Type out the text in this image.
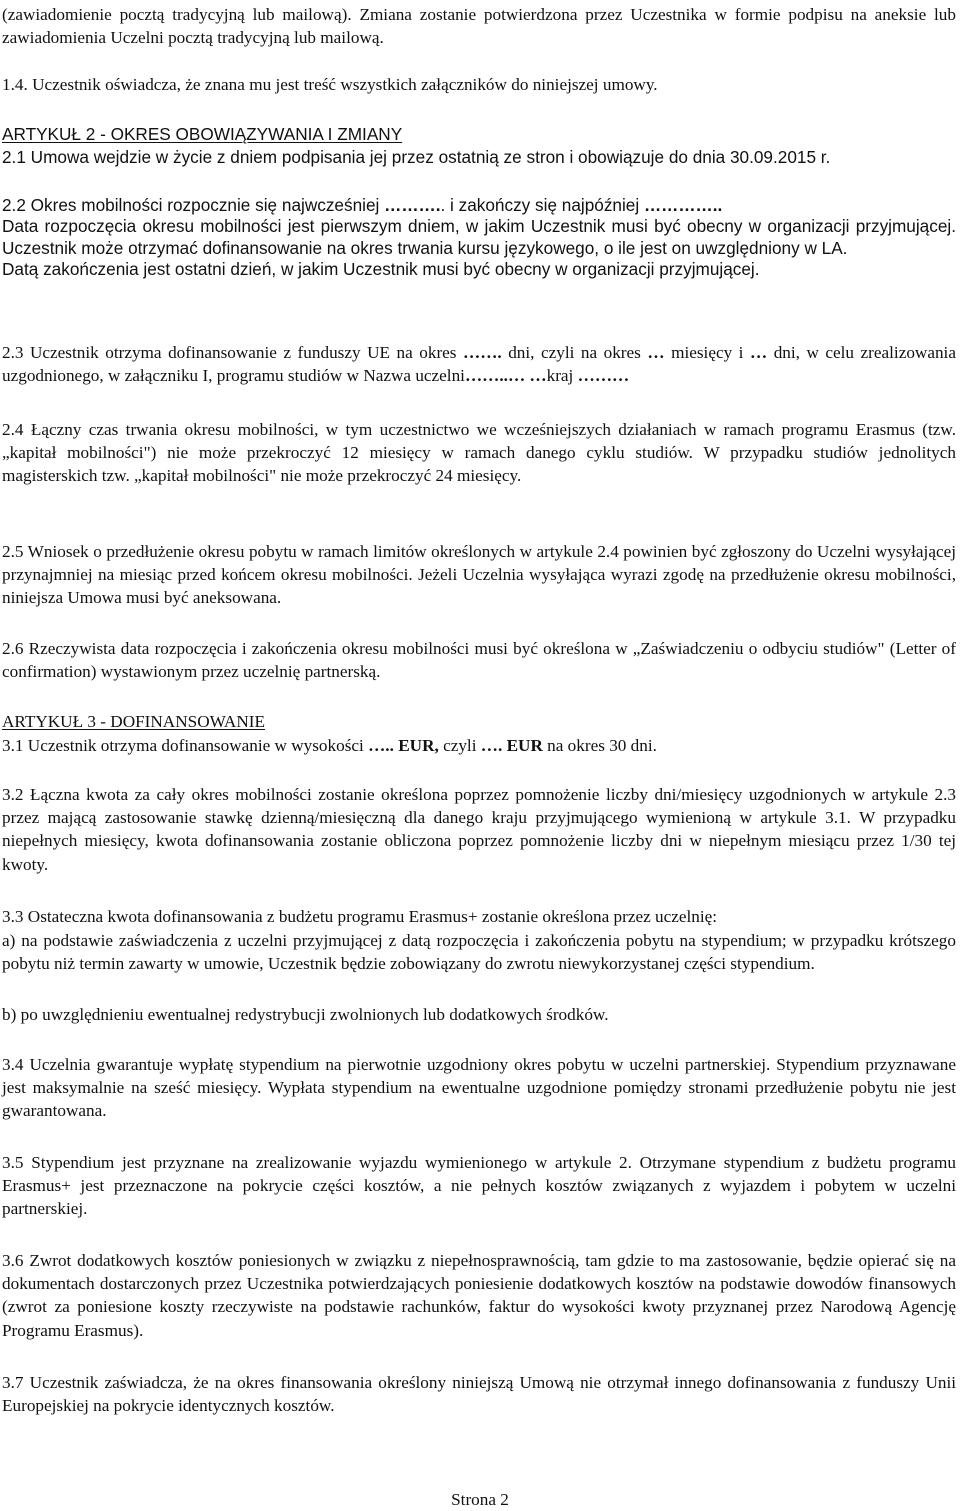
(zawiadomienie pocztą tradycyjną lub mailową). Zmiana zostanie potwierdzona przez Uczestnika w formie podpisu na aneksie lub zawiadomienia Uczelni pocztą tradycyjną lub mailową.

1.4. Uczestnik oświadcza, że znana mu jest treść wszystkich załączników do niniejszej umowy.

ARTYKUŁ 2 - OKRES OBOWIĄZYWANIA I ZMIANY

2.1 Umowa wejdzie w życie z dniem podpisania jej przez ostatnią ze stron i obowiązuje do dnia 30.09.2015 r.

2.2 Okres mobilności rozpocznie się najwcześniej ……….. i zakończy się najpóźniej …………..
Data rozpoczęcia okresu mobilności jest pierwszym dniem, w jakim Uczestnik musi być obecny w organizacji przyjmującej. Uczestnik może otrzymać dofinansowanie na okres trwania kursu językowego, o ile jest on uwzględniony w LA.
Datą zakończenia jest ostatni dzień, w jakim Uczestnik musi być obecny w organizacji przyjmującej.
2.3 Uczestnik otrzyma dofinansowanie z funduszy UE na okres ……. dni, czyli na okres … miesięcy i … dni, w celu zrealizowania uzgodnionego, w załączniku I, programu studiów w Nazwa uczelni……..… …kraj ………

2.4 Łączny czas trwania okresu mobilności, w tym uczestnictwo we wcześniejszych działaniach w ramach programu Erasmus (tzw. „kapitał mobilności") nie może przekroczyć 12 miesięcy w ramach danego cyklu studiów. W przypadku studiów jednolitych magisterskich tzw. „kapitał mobilności" nie może przekroczyć 24 miesięcy.

2.5 Wniosek o przedłużenie okresu pobytu w ramach limitów określonych w artykule 2.4 powinien być zgłoszony do Uczelni wysyłającej przynajmniej na miesiąc przed końcem okresu mobilności. Jeżeli Uczelnia wysyłająca wyrazi zgodę na przedłużenie okresu mobilności, niniejsza Umowa musi być aneksowana.

2.6 Rzeczywista data rozpoczęcia i zakończenia okresu mobilności musi być określona w „Zaświadczeniu o odbyciu studiów" (Letter of confirmation) wystawionym przez uczelnię partnerską.

ARTYKUŁ 3 - DOFINANSOWANIE

3.1 Uczestnik otrzyma dofinansowanie w wysokości ….. EUR, czyli …. EUR na okres 30 dni.

3.2 Łączna kwota za cały okres mobilności zostanie określona poprzez pomnożenie liczby dni/miesięcy uzgodnionych w artykule 2.3 przez mającą zastosowanie stawkę dzienną/miesięczną dla danego kraju przyjmującego wymienioną w artykule 3.1. W przypadku niepełnych miesięcy, kwota dofinansowania zostanie obliczona poprzez pomnożenie liczby dni w niepełnym miesiącu przez 1/30 tej kwoty.

3.3 Ostateczna kwota dofinansowania z budżetu programu Erasmus+ zostanie określona przez uczelnię:

a) na podstawie zaświadczenia z uczelni przyjmującej z datą rozpoczęcia i zakończenia pobytu na stypendium; w przypadku krótszego pobytu niż termin zawarty w umowie, Uczestnik będzie zobowiązany do zwrotu niewykorzystanej części stypendium.

b) po uwzględnieniu ewentualnej redystrybucji zwolnionych lub dodatkowych środków.

3.4 Uczelnia gwarantuje wypłatę stypendium na pierwotnie uzgodniony okres pobytu w uczelni partnerskiej. Stypendium przyznawane jest maksymalnie na sześć miesięcy. Wypłata stypendium na ewentualne uzgodnione pomiędzy stronami przedłużenie pobytu nie jest gwarantowana.

3.5 Stypendium jest przyznane na zrealizowanie wyjazdu wymienionego w artykule 2. Otrzymane stypendium z budżetu programu Erasmus+ jest przeznaczone na pokrycie części kosztów, a nie pełnych kosztów związanych z wyjazdem i pobytem w uczelni partnerskiej.

3.6 Zwrot dodatkowych kosztów poniesionych w związku z niepełnosprawnością, tam gdzie to ma zastosowanie, będzie opierać się na dokumentach dostarczonych przez Uczestnika potwierdzających poniesienie dodatkowych kosztów na podstawie dowodów finansowych (zwrot za poniesione koszty rzeczywiste na podstawie rachunków, faktur do wysokości kwoty przyznanej przez Narodową Agencję Programu Erasmus).

3.7 Uczestnik zaświadcza, że na okres finansowania określony niniejszą Umową nie otrzymał innego dofinansowania z funduszy Unii Europejskiej na pokrycie identycznych kosztów.

Strona 2
